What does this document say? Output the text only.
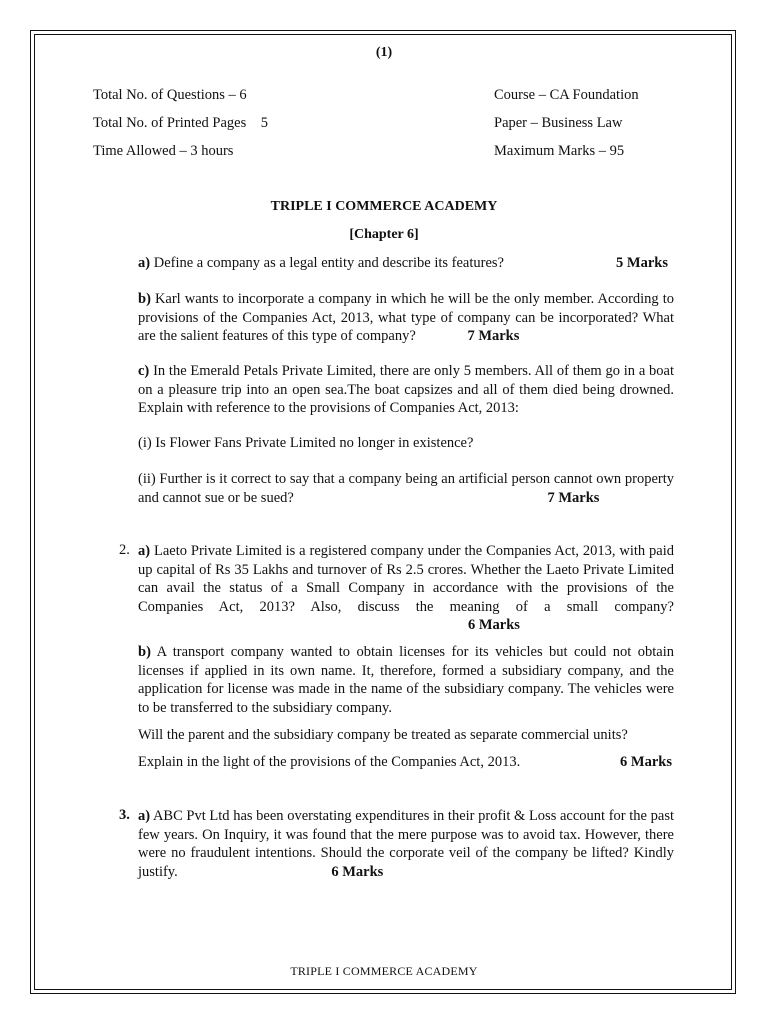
(1)
Total No. of Questions – 6
Total No. of Printed Pages    5
Time Allowed – 3 hours
Course – CA Foundation
Paper – Business Law
Maximum Marks – 95
TRIPLE I COMMERCE ACADEMY
[Chapter 6]
a) Define a company as a legal entity and describe its features?	5 Marks
b) Karl wants to incorporate a company in which he will be the only member. According to provisions of the Companies Act, 2013, what type of company can be incorporated? What are the salient features of this type of company?	7 Marks
c) In the Emerald Petals Private Limited, there are only 5 members. All of them go in a boat on a pleasure trip into an open sea.The boat capsizes and all of them died being drowned. Explain with reference to the provisions of Companies Act, 2013:
(i) Is Flower Fans Private Limited no longer in existence?
(ii) Further is it correct to say that a company being an artificial person cannot own property and cannot sue or be sued?	7 Marks
2. a) Laeto Private Limited is a registered company under the Companies Act, 2013, with paid up capital of Rs 35 Lakhs and turnover of Rs 2.5 crores. Whether the Laeto Private Limited can avail the status of a Small Company in accordance with the provisions of the Companies Act, 2013? Also, discuss the meaning of a small company? 6 Marks
b) A transport company wanted to obtain licenses for its vehicles but could not obtain licenses if applied in its own name. It, therefore, formed a subsidiary company, and the application for license was made in the name of the subsidiary company. The vehicles were to be transferred to the subsidiary company.
Will the parent and the subsidiary company be treated as separate commercial units?
Explain in the light of the provisions of the Companies Act, 2013.	6 Marks
3. a) ABC Pvt Ltd has been overstating expenditures in their profit & Loss account for the past few years. On Inquiry, it was found that the mere purpose was to avoid tax. However, there were no fraudulent intentions. Should the corporate veil of the company be lifted? Kindly justify.	6 Marks
TRIPLE I COMMERCE ACADEMY
